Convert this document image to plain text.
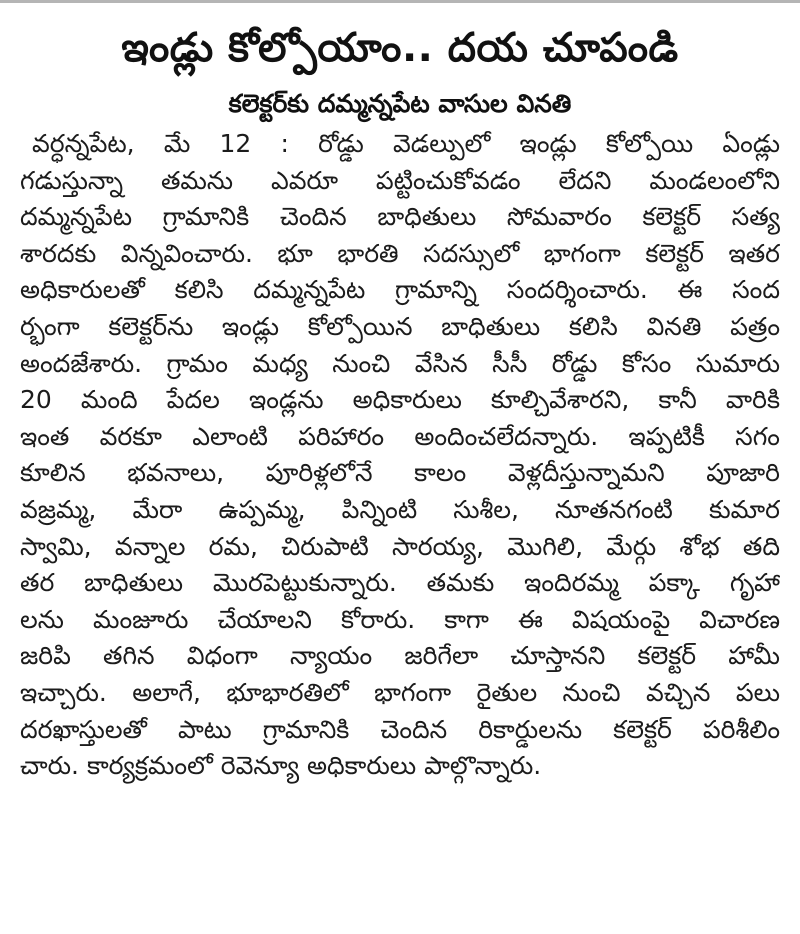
ఇండ్లు కోల్పోయాం.. దయ చూపండి
కలెక్టర్‌కు దమ్మన్నపేట వాసుల వినతి
వర్ధన్నపేట, మే 12 : రోడ్డు వెడల్పులో ఇండ్లు కోల్పోయి ఏండ్లు
గడుస్తున్నా తమను ఎవరూ పట్టించుకోవడం లేదని మండలంలోని
దమ్మన్నపేట గ్రామానికి చెందిన బాధితులు సోమవారం కలెక్టర్ సత్య
శారదకు విన్నవించారు. భూ భారతి సదస్సులో భాగంగా కలెక్టర్ ఇతర
అధికారులతో కలిసి దమ్మన్నపేట గ్రామాన్ని సందర్శించారు. ఈ సంద
ర్భంగా కలెక్టర్‌ను ఇండ్లు కోల్పోయిన బాధితులు కలిసి వినతి పత్రం
అందజేశారు. గ్రామం మధ్య నుంచి వేసిన సీసీ రోడ్డు కోసం సుమారు
20 మంది పేదల ఇండ్లను అధికారులు కూల్చివేశారని, కానీ వారికి
ఇంత వరకూ ఎలాంటి పరిహారం అందించలేదన్నారు. ఇప్పటికీ సగం
కూలిన భవనాలు, పూరిళ్లలోనే కాలం వెళ్లదీస్తున్నామని పూజారి
వజ్రమ్మ, మేరా ఉప్పమ్మ, పిన్నింటి సుశీల, నూతనగంటి కుమార
స్వామి, వన్నాల రమ, చిరుపాటి సారయ్య, మొగిలి, మేర్గు శోభ తది
తర బాధితులు మొరపెట్టుకున్నారు. తమకు ఇందిరమ్మ పక్కా గృహా
లను మంజూరు చేయాలని కోరారు. కాగా ఈ విషయంపై విచారణ
జరిపి తగిన విధంగా న్యాయం జరిగేలా చూస్తానని కలెక్టర్ హామీ
ఇచ్చారు. అలాగే, భూభారతిలో భాగంగా రైతుల నుంచి వచ్చిన పలు
దరఖాస్తులతో పాటు గ్రామానికి చెందిన రికార్డులను కలెక్టర్ పరిశీలిం
చారు. కార్యక్రమంలో రెవెన్యూ అధికారులు పాల్గొన్నారు.
